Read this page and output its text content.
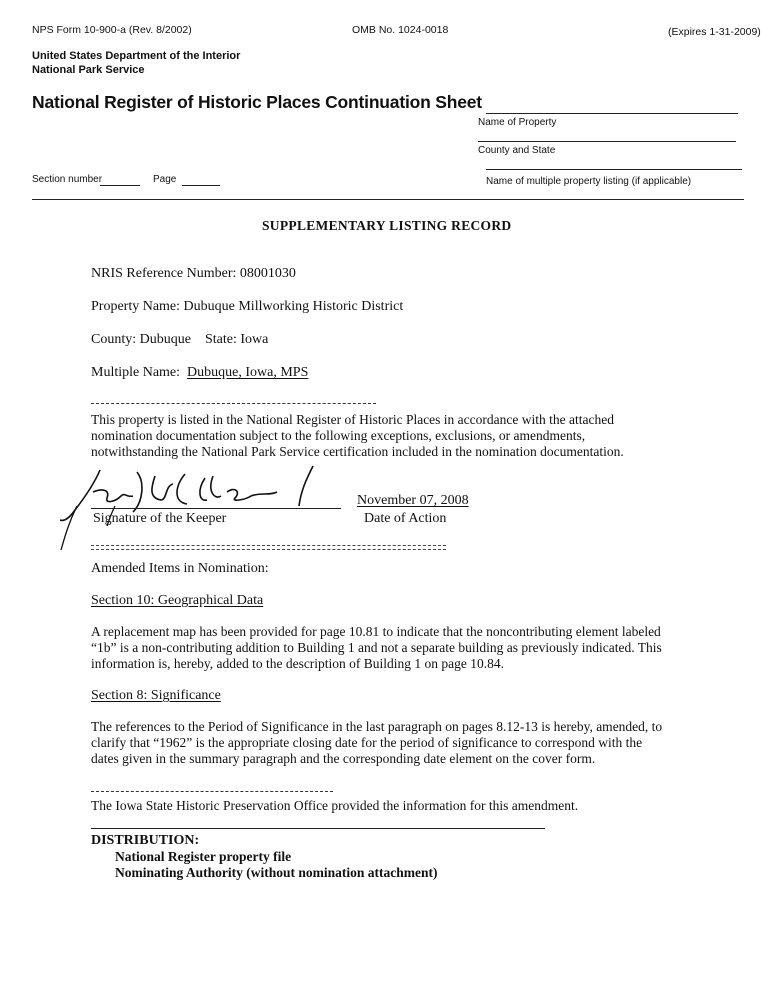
NPS Form 10-900-a (Rev. 8/2002)	OMB No. 1024-0018	(Expires 1-31-2009)
United States Department of the Interior
National Park Service
National Register of Historic Places Continuation Sheet
Name of Property
County and State
Section number	Page	Name of multiple property listing (if applicable)
SUPPLEMENTARY LISTING RECORD
NRIS Reference Number: 08001030
Property Name: Dubuque Millworking Historic District
County: Dubuque State: Iowa
Multiple Name: Dubuque, Iowa, MPS
This property is listed in the National Register of Historic Places in accordance with the attached
nomination documentation subject to the following exceptions, exclusions, or amendments,
notwithstanding the National Park Service certification included in the nomination documentation.
November 07, 2008
Signature of the Keeper	Date of Action
Amended Items in Nomination:
Section 10: Geographical Data
A replacement map has been provided for page 10.81 to indicate that the noncontributing element labeled
“1b” is a non-contributing addition to Building 1 and not a separate building as previously indicated. This
information is, hereby, added to the description of Building 1 on page 10.84.
Section 8: Significance
The references to the Period of Significance in the last paragraph on pages 8.12-13 is hereby, amended, to
clarify that “1962” is the appropriate closing date for the period of significance to correspond with the
dates given in the summary paragraph and the corresponding date element on the cover form.
The Iowa State Historic Preservation Office provided the information for this amendment.
DISTRIBUTION:
National Register property file
Nominating Authority (without nomination attachment)
